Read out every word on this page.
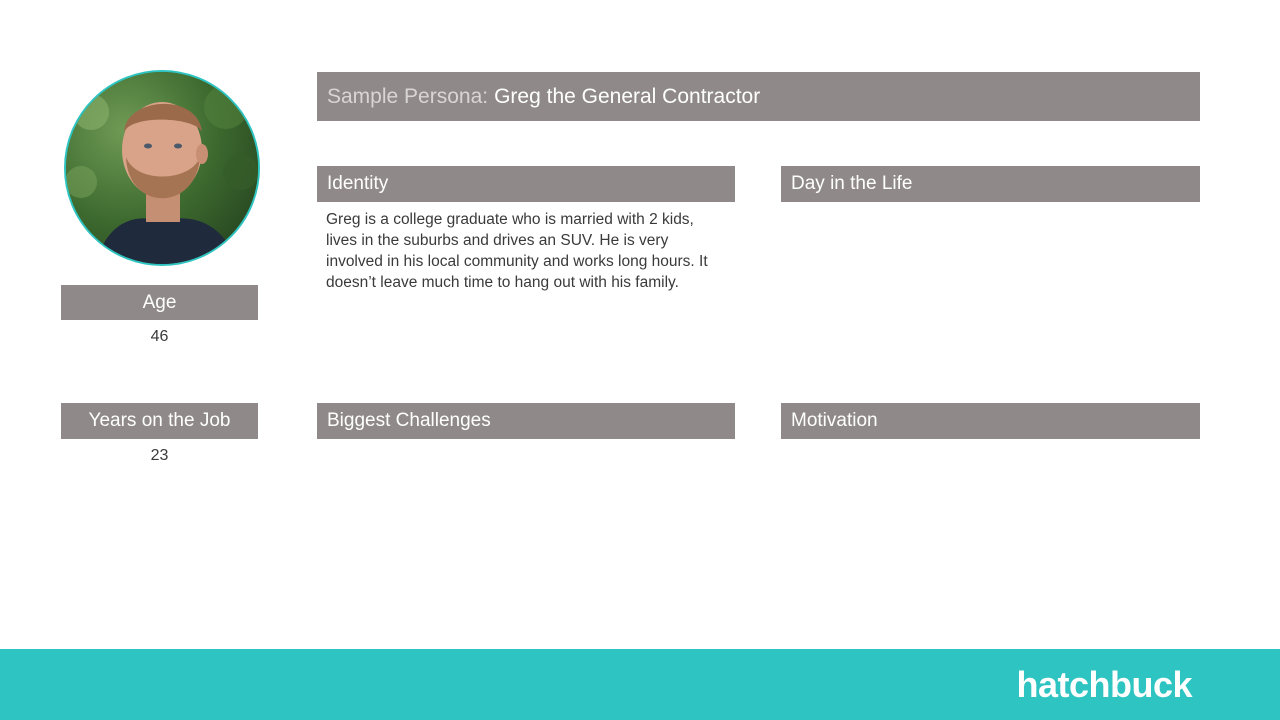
Sample Persona: Greg the General Contractor
Age
46
Years on the Job
23
Identity
Greg is a college graduate who is married with 2 kids, lives in the suburbs and drives an SUV. He is very involved in his local community and works long hours. It doesn’t leave much time to hang out with his family.
Day in the Life
Biggest Challenges	Motivation
hatchbuck
